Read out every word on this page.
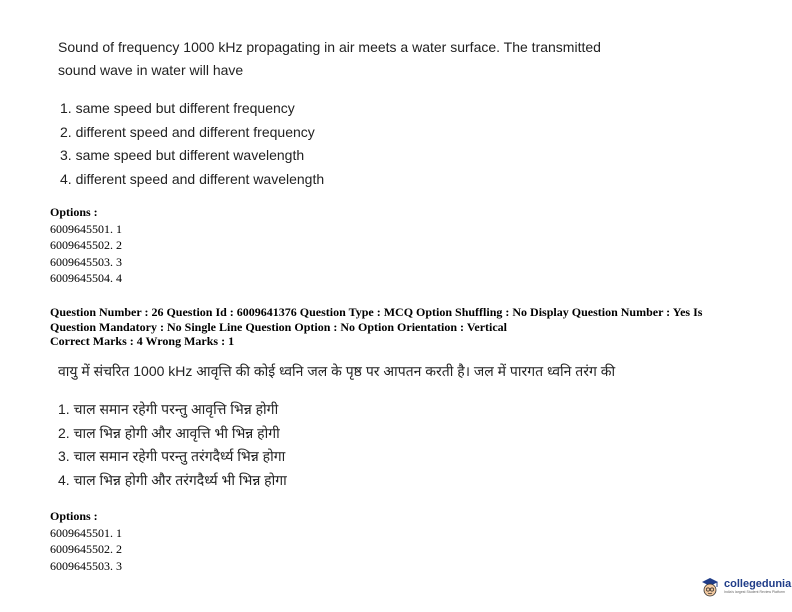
Sound of frequency 1000 kHz propagating in air meets a water surface. The transmitted sound wave in water will have
1. same speed but different frequency
2. different speed and different frequency
3. same speed but different wavelength
4. different speed and different wavelength
Options :
6009645501. 1
6009645502. 2
6009645503. 3
6009645504. 4
Question Number : 26 Question Id : 6009641376 Question Type : MCQ Option Shuffling : No Display Question Number : Yes Is Question Mandatory : No Single Line Question Option : No Option Orientation : Vertical
Correct Marks : 4 Wrong Marks : 1
वायु में संचरित 1000 kHz आवृत्ति की कोई ध्वनि जल के पृष्ठ पर आपतन करती है। जल में पारगत ध्वनि तरंग की
1. चाल समान रहेगी परन्तु आवृत्ति भिन्न होगी
2. चाल भिन्न होगी और आवृत्ति भी भिन्न होगी
3. चाल समान रहेगी परन्तु तरंगदैर्ध्य भिन्न होगा
4. चाल भिन्न होगी और तरंगदैर्ध्य भी भिन्न होगा
Options :
6009645501. 1
6009645502. 2
6009645503. 3
collegedunia
India's largest Student Review Platform
